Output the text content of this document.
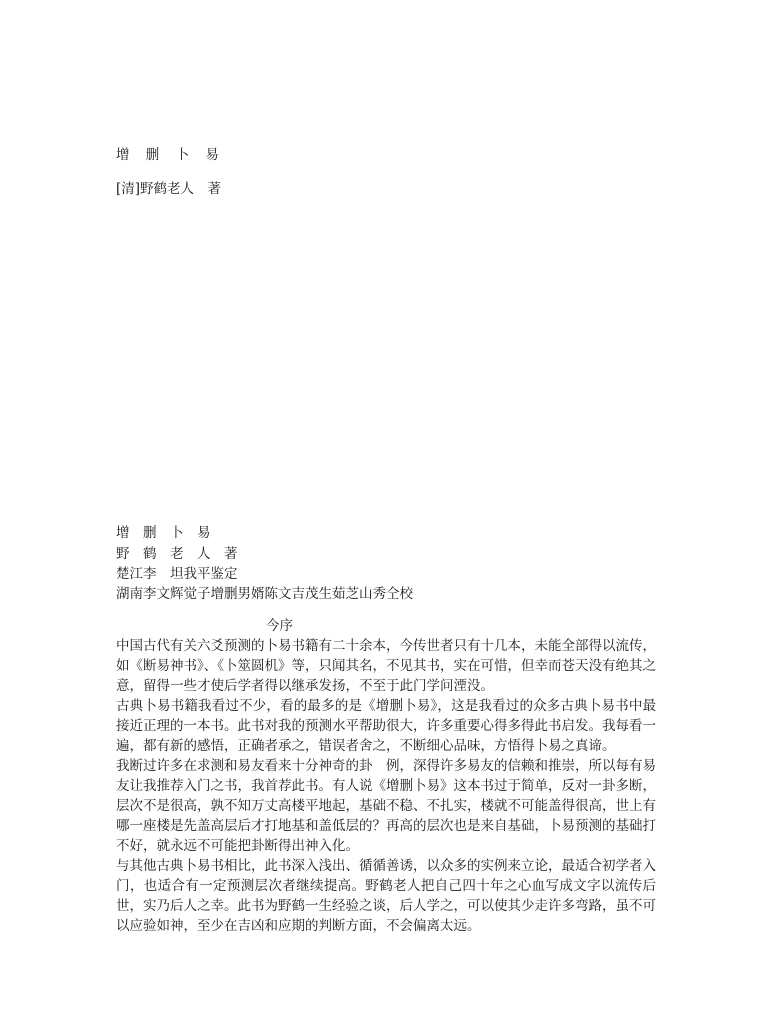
增 删 卜 易
[清]野鹤老人　著
增　删　卜　易
野　鹤　老　人　著
楚江李　坦我平鉴定
湖南李文辉觉子增删男婿陈文吉茂生茹芝山秀仝校
今序

中国古代有关六爻预测的卜易书籍有二十余本，今传世者只有十几本，未能全部得以流传，如《断易神书》、《卜筮圆机》等，只闻其名，不见其书，实在可惜，但幸而苍天没有绝其之意，留得一些才使后学者得以继承发扬，不至于此门学问湮没。

古典卜易书籍我看过不少，看的最多的是《增删卜易》，这是我看过的众多古典卜易书中最接近正理的一本书。此书对我的预测水平帮助很大，许多重要心得多得此书启发。我每看一遍，都有新的感悟，正确者承之，错误者舍之，不断细心品味，方悟得卜易之真谛。

我断过许多在求测和易友看来十分神奇的卦　例，深得许多易友的信赖和推崇，所以每有易友让我推荐入门之书，我首荐此书。有人说《增删卜易》这本书过于简单，反对一卦多断，层次不是很高，孰不知万丈高楼平地起，基础不稳、不扎实，楼就不可能盖得很高，世上有哪一座楼是先盖高层后才打地基和盖低层的？再高的层次也是来自基础，卜易预测的基础打不好，就永远不可能把卦断得出神入化。

与其他古典卜易书相比，此书深入浅出、循循善诱，以众多的实例来立论，最适合初学者入门，也适合有一定预测层次者继续提高。野鹤老人把自己四十年之心血写成文字以流传后世，实乃后人之幸。此书为野鹤一生经验之谈，后人学之，可以使其少走许多弯路，虽不可以应验如神，至少在吉凶和应期的判断方面，不会偏离太远。
